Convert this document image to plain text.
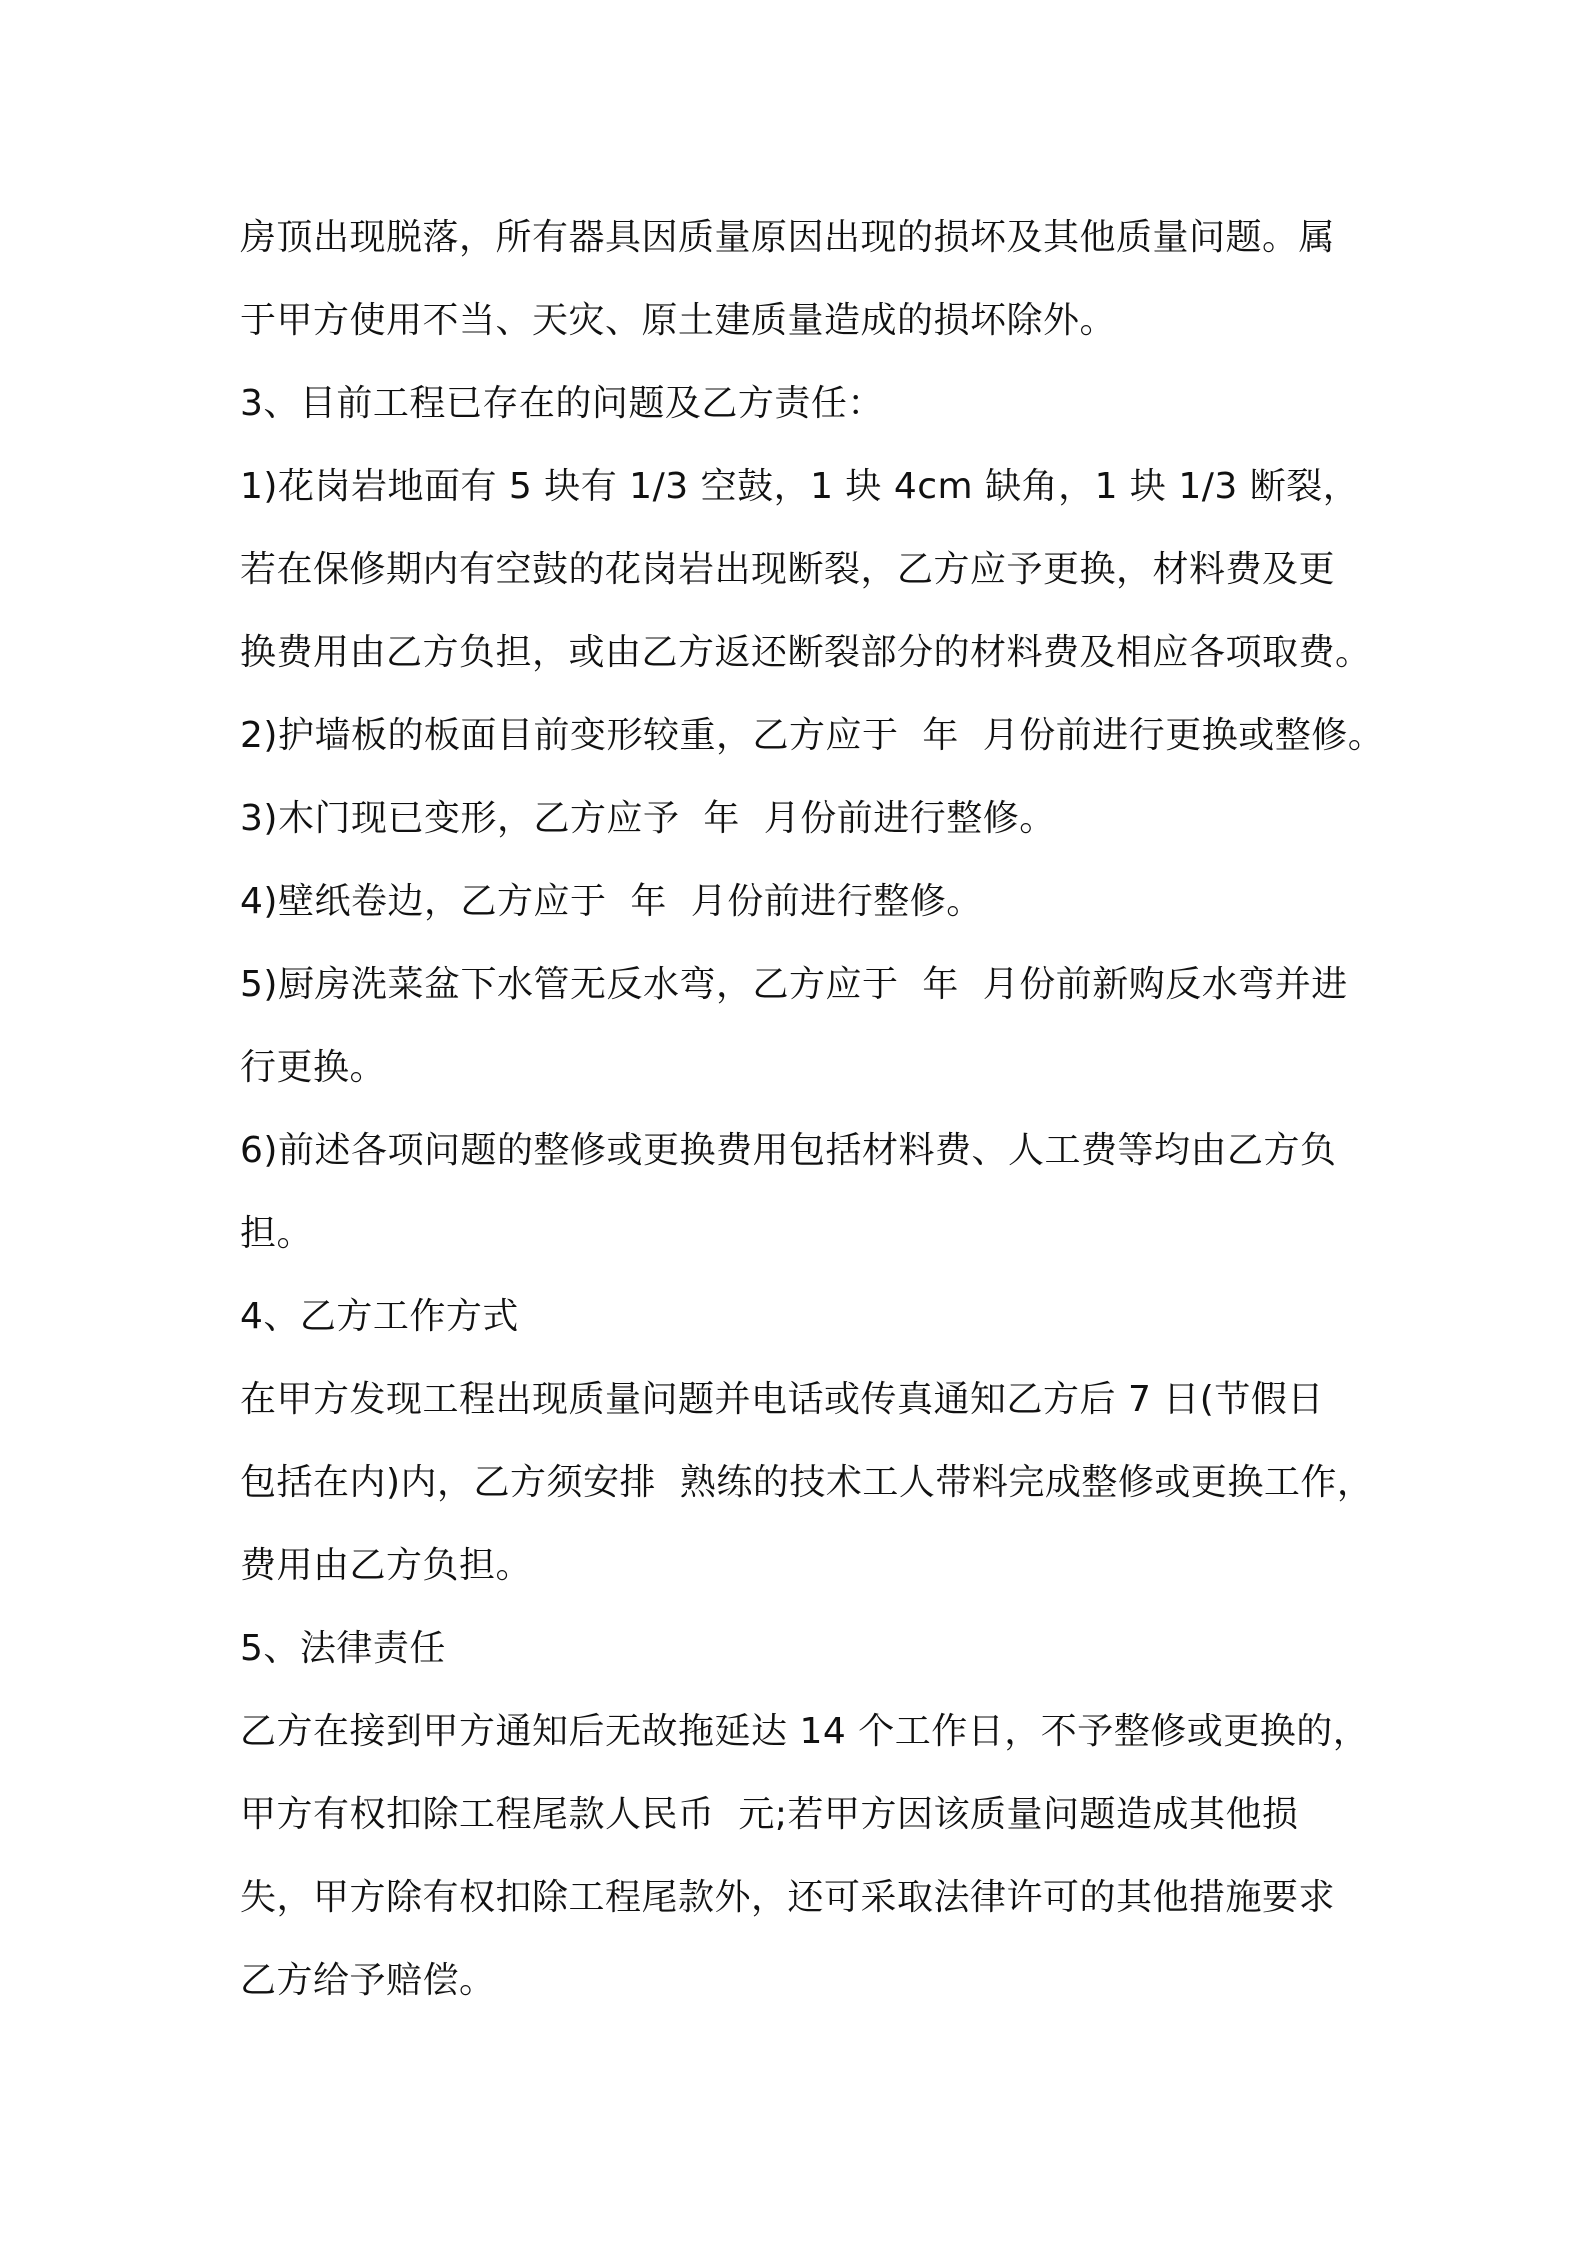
房顶出现脱落，所有器具因质量原因出现的损坏及其他质量问题。属
于甲方使用不当、天灾、原土建质量造成的损坏除外。
3、目前工程已存在的问题及乙方责任：
1)花岗岩地面有 5 块有 1/3 空鼓，1 块 4cm 缺角，1 块 1/3 断裂，
若在保修期内有空鼓的花岗岩出现断裂，乙方应予更换，材料费及更
换费用由乙方负担，或由乙方返还断裂部分的材料费及相应各项取费。
2)护墙板的板面目前变形较重，乙方应于  年  月份前进行更换或整修。
3)木门现已变形，乙方应予  年  月份前进行整修。
4)壁纸卷边，乙方应于  年  月份前进行整修。
5)厨房洗菜盆下水管无反水弯，乙方应于  年  月份前新购反水弯并进
行更换。
6)前述各项问题的整修或更换费用包括材料费、人工费等均由乙方负
担。
4、乙方工作方式
在甲方发现工程出现质量问题并电话或传真通知乙方后 7 日(节假日
包括在内)内，乙方须安排  熟练的技术工人带料完成整修或更换工作，
费用由乙方负担。
5、法律责任
乙方在接到甲方通知后无故拖延达 14 个工作日，不予整修或更换的，
甲方有权扣除工程尾款人民币  元;若甲方因该质量问题造成其他损
失，甲方除有权扣除工程尾款外，还可采取法律许可的其他措施要求
乙方给予赔偿。
